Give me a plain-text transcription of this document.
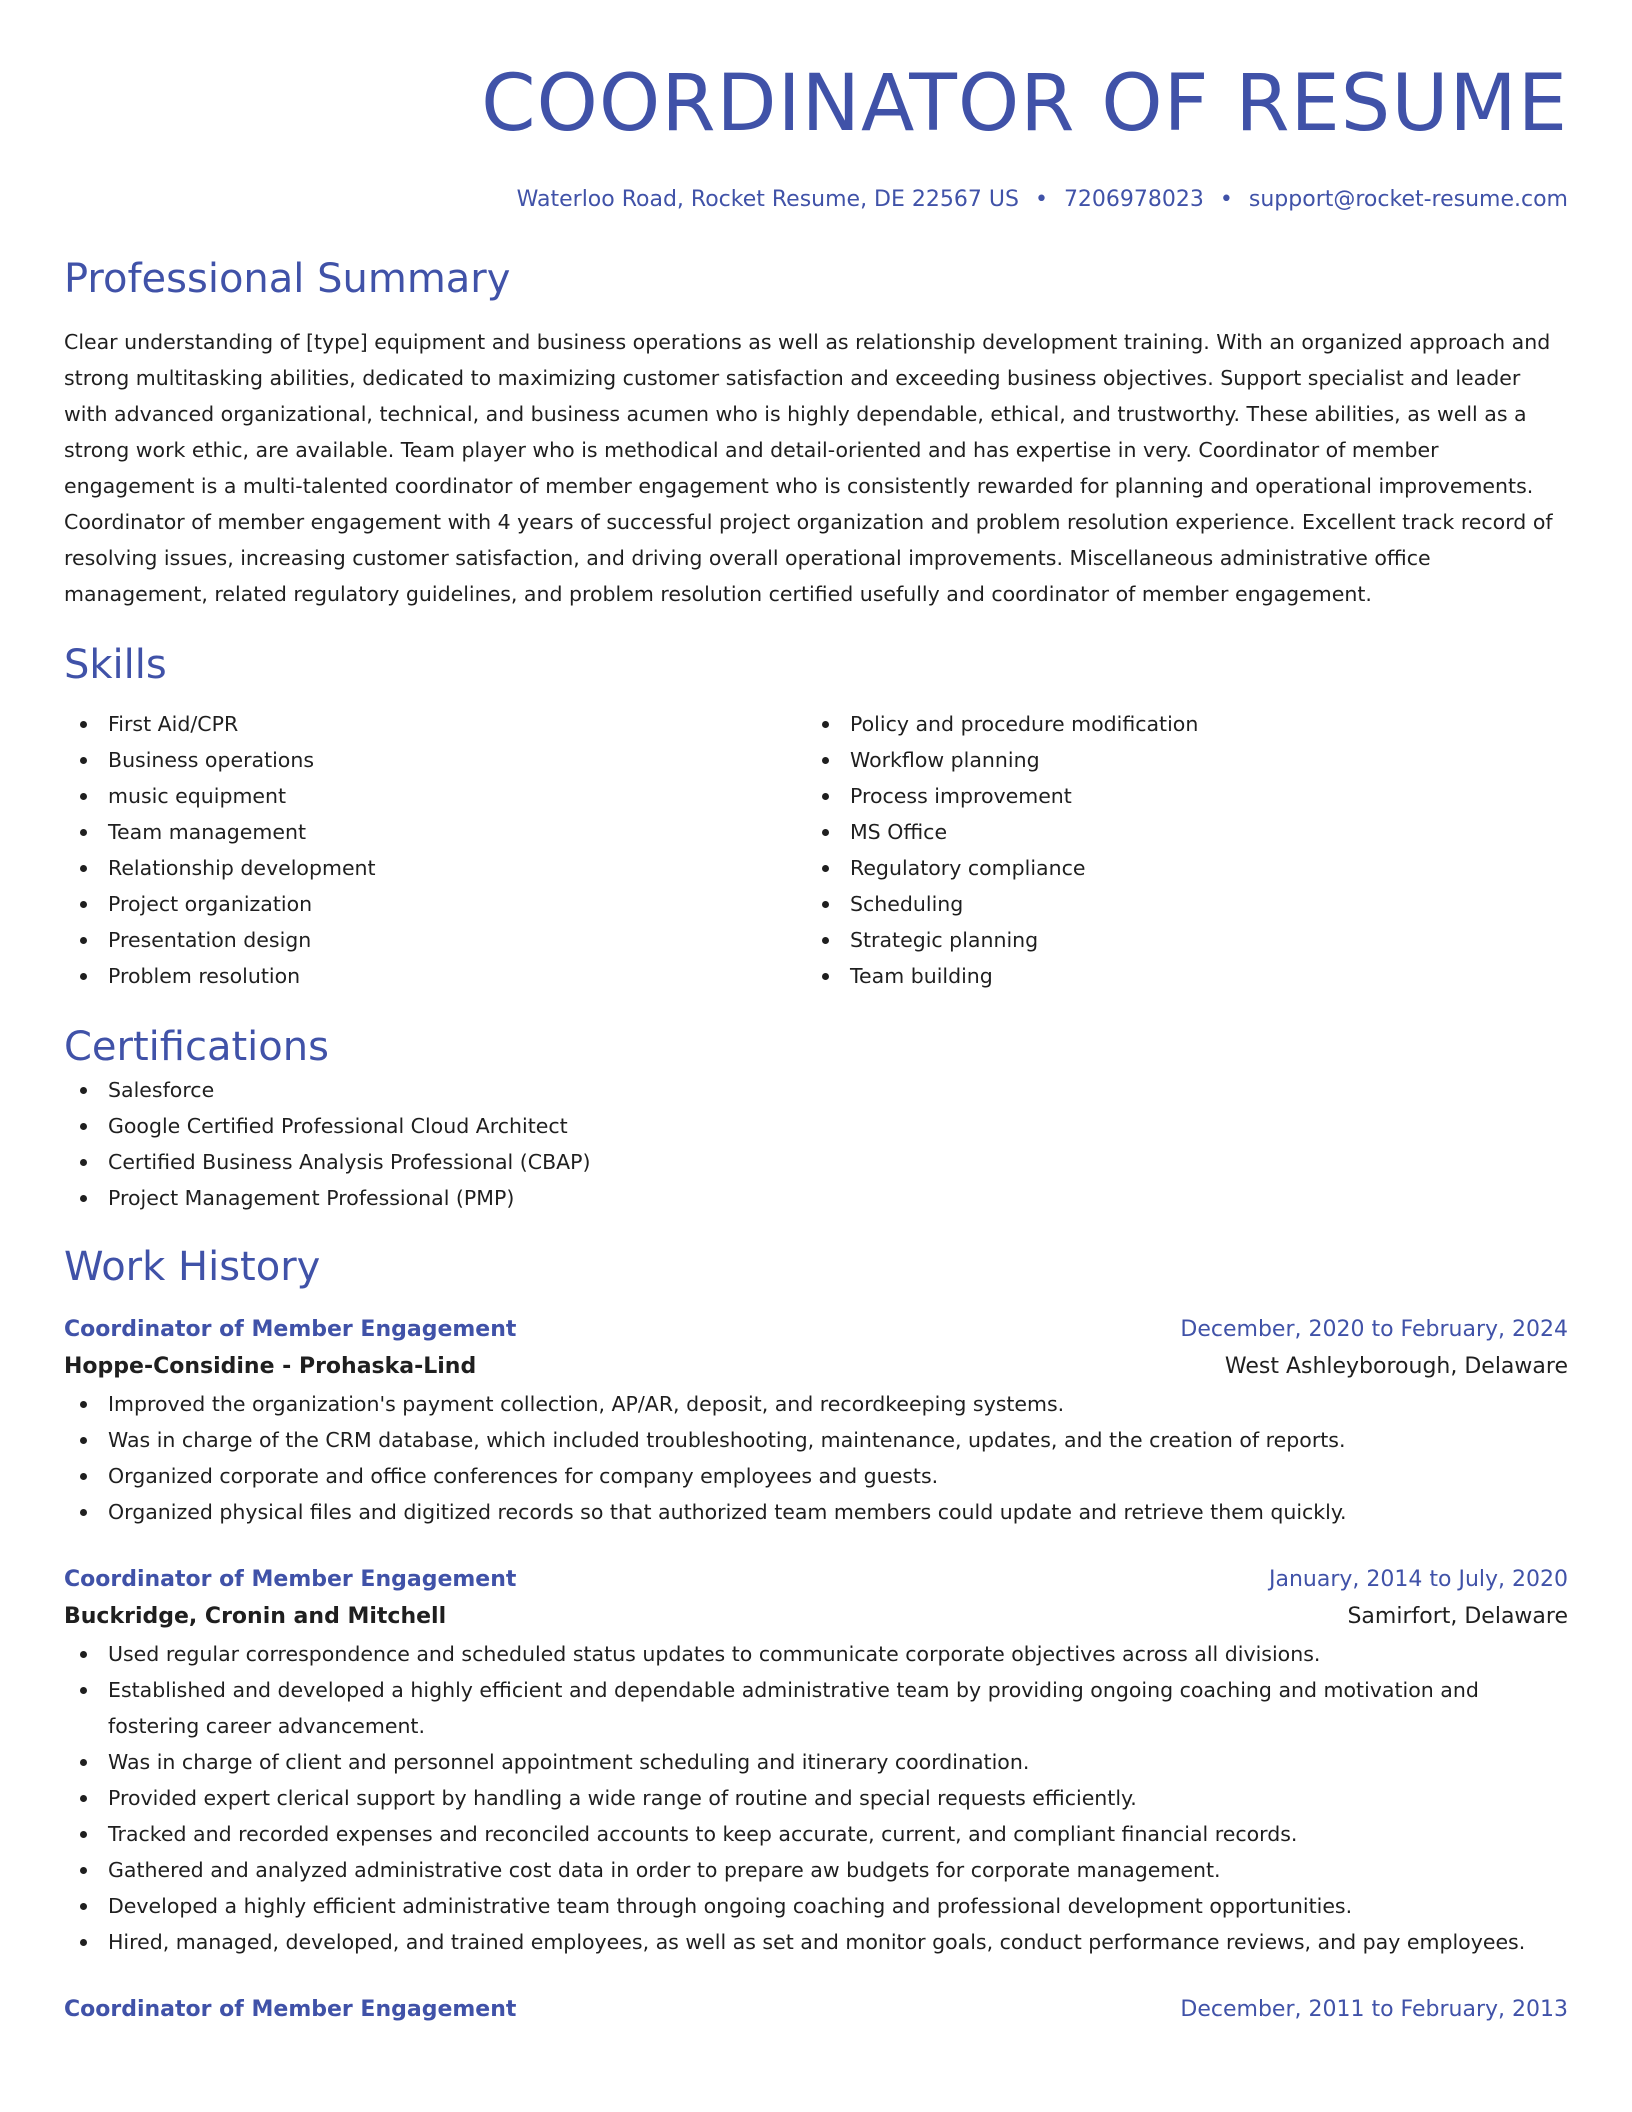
COORDINATOR OF RESUME
Waterloo Road, Rocket Resume, DE 22567 US • 7206978023 • support@rocket-resume.com
Professional Summary

Clear understanding of [type] equipment and business operations as well as relationship development training. With an organized approach and strong multitasking abilities, dedicated to maximizing customer satisfaction and exceeding business objectives. Support specialist and leader with advanced organizational, technical, and business acumen who is highly dependable, ethical, and trustworthy. These abilities, as well as a strong work ethic, are available. Team player who is methodical and detail-oriented and has expertise in very. Coordinator of member engagement is a multi-talented coordinator of member engagement who is consistently rewarded for planning and operational improvements. Coordinator of member engagement with 4 years of successful project organization and problem resolution experience. Excellent track record of resolving issues, increasing customer satisfaction, and driving overall operational improvements. Miscellaneous administrative office management, related regulatory guidelines, and problem resolution certified usefully and coordinator of member engagement.

Skills
First Aid/CPR
Business operations
music equipment
Team management
Relationship development
Project organization
Presentation design
Problem resolution
Policy and procedure modification
Workflow planning
Process improvement
MS Office
Regulatory compliance
Scheduling
Strategic planning
Team building
Certifications
Salesforce
Google Certified Professional Cloud Architect
Certified Business Analysis Professional (CBAP)
Project Management Professional (PMP)
Work History
Coordinator of Member Engagement	December, 2020 to February, 2024
Hoppe-Considine - Prohaska-Lind	West Ashleyborough, Delaware
Improved the organization's payment collection, AP/AR, deposit, and recordkeeping systems.
Was in charge of the CRM database, which included troubleshooting, maintenance, updates, and the creation of reports.
Organized corporate and office conferences for company employees and guests.
Organized physical files and digitized records so that authorized team members could update and retrieve them quickly.
Coordinator of Member Engagement	January, 2014 to July, 2020
Buckridge, Cronin and Mitchell	Samirfort, Delaware
Used regular correspondence and scheduled status updates to communicate corporate objectives across all divisions.
Established and developed a highly efficient and dependable administrative team by providing ongoing coaching and motivation and fostering career advancement.
Was in charge of client and personnel appointment scheduling and itinerary coordination.
Provided expert clerical support by handling a wide range of routine and special requests efficiently.
Tracked and recorded expenses and reconciled accounts to keep accurate, current, and compliant financial records.
Gathered and analyzed administrative cost data in order to prepare aw budgets for corporate management.
Developed a highly efficient administrative team through ongoing coaching and professional development opportunities.
Hired, managed, developed, and trained employees, as well as set and monitor goals, conduct performance reviews, and pay employees.
Coordinator of Member Engagement	December, 2011 to February, 2013
